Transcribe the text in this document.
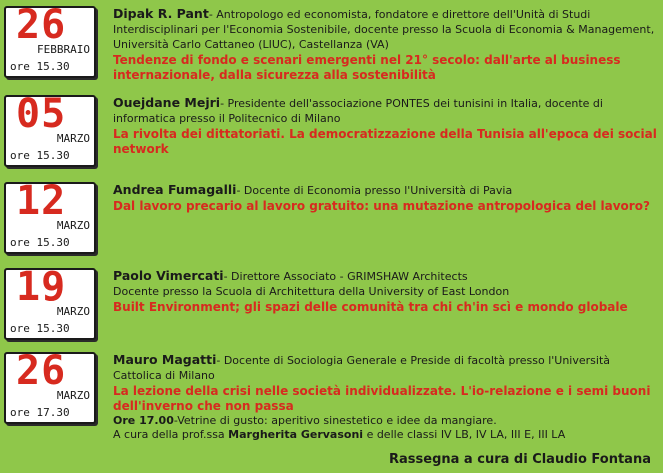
26
FEBBRAIO
ore 15.30
Dipak R. Pant- Antropologo ed economista, fondatore e direttore dell'Unità di Studi Interdisciplinari per l'Economia Sostenibile, docente presso la Scuola di Economia & Management, Università Carlo Cattaneo (LIUC), Castellanza (VA)
Tendenze di fondo e scenari emergenti nel 21° secolo: dall'arte al business internazionale, dalla sicurezza alla sostenibilità
05
MARZO
ore 15.30
Ouejdane Mejri- Presidente dell'associazione PONTES dei tunisini in Italia, docente di informatica presso il Politecnico di Milano
La rivolta dei dittatoriati. La democratizzazione della Tunisia all'epoca dei social network
12
MARZO
ore 15.30
Andrea Fumagalli- Docente di Economia presso l'Università di Pavia
Dal lavoro precario al lavoro gratuito: una mutazione antropologica del lavoro?
19
MARZO
ore 15.30
Paolo Vimercati- Direttore Associato - GRIMSHAW Architects
Docente presso la Scuola di Architettura della University of East London
Built Environment; gli spazi delle comunità tra chi ch'in scì e mondo globale
26
MARZO
ore 17.30
Mauro Magatti- Docente di Sociologia Generale e Preside di facoltà presso l'Università Cattolica di Milano
La lezione della crisi nelle società individualizzate. L'io-relazione e i semi buoni dell'inverno che non passa
Ore 17.00-Vetrine di gusto: aperitivo sinestetico e idee da mangiare.
A cura della prof.ssa Margherita Gervasoni e delle classi IV LB, IV LA, III E, III LA
Rassegna a cura di Claudio Fontana
